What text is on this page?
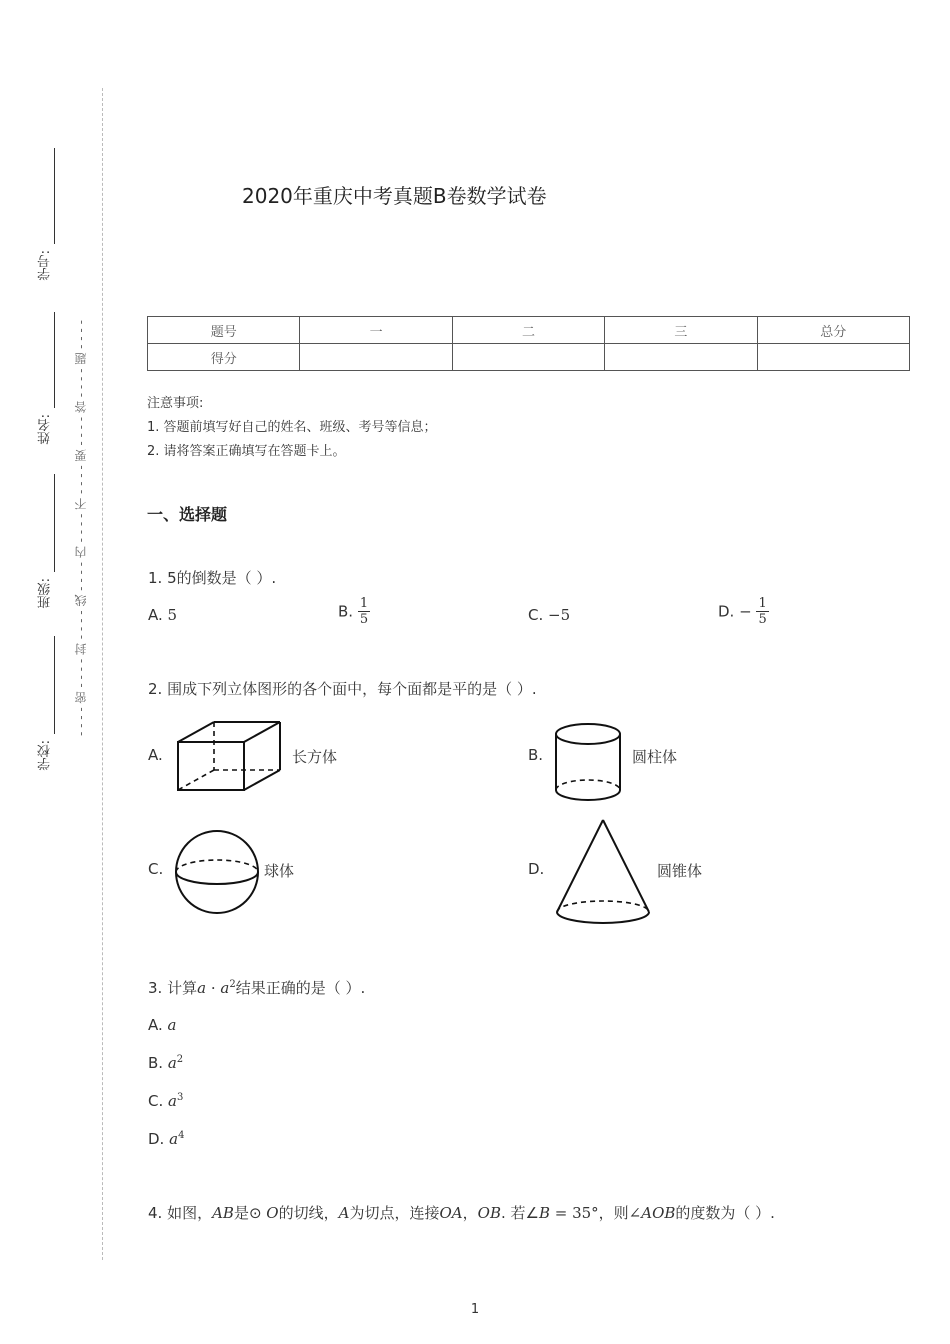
学号:
姓名:
班级:
学校:
- - - - 密 - - - - 封 - - - - 线 - - - - 内 - - - - 不 - - - - 要 - - - - 答 - - - - 题 - - - -
2020年重庆中考真题B卷数学试卷
题号	一	二	三	总分
得分				
注意事项:
1. 答题前填写好自己的姓名、班级、考号等信息；
2. 请将答案正确填写在答题卡上。
一、选择题
1. 5的倒数是（ ）.
A. 5	B. $\frac{1}{5}$	C. −5	D. − $\frac{1}{5}$
2. 围成下列立体图形的各个面中，每个面都是平的是（ ）.
A.	长方体	B.	圆柱体
C.	球体	D.	圆锥体
3. 计算$a \cdot a^2$结果正确的是（ ）.
A. a
B. $a^2$
C. $a^3$
D. $a^4$
4. 如图，AB是⊙ O的切线，A为切点，连接OA，OB. 若∠B = 35°，则∠AOB的度数为（ ）.
1
